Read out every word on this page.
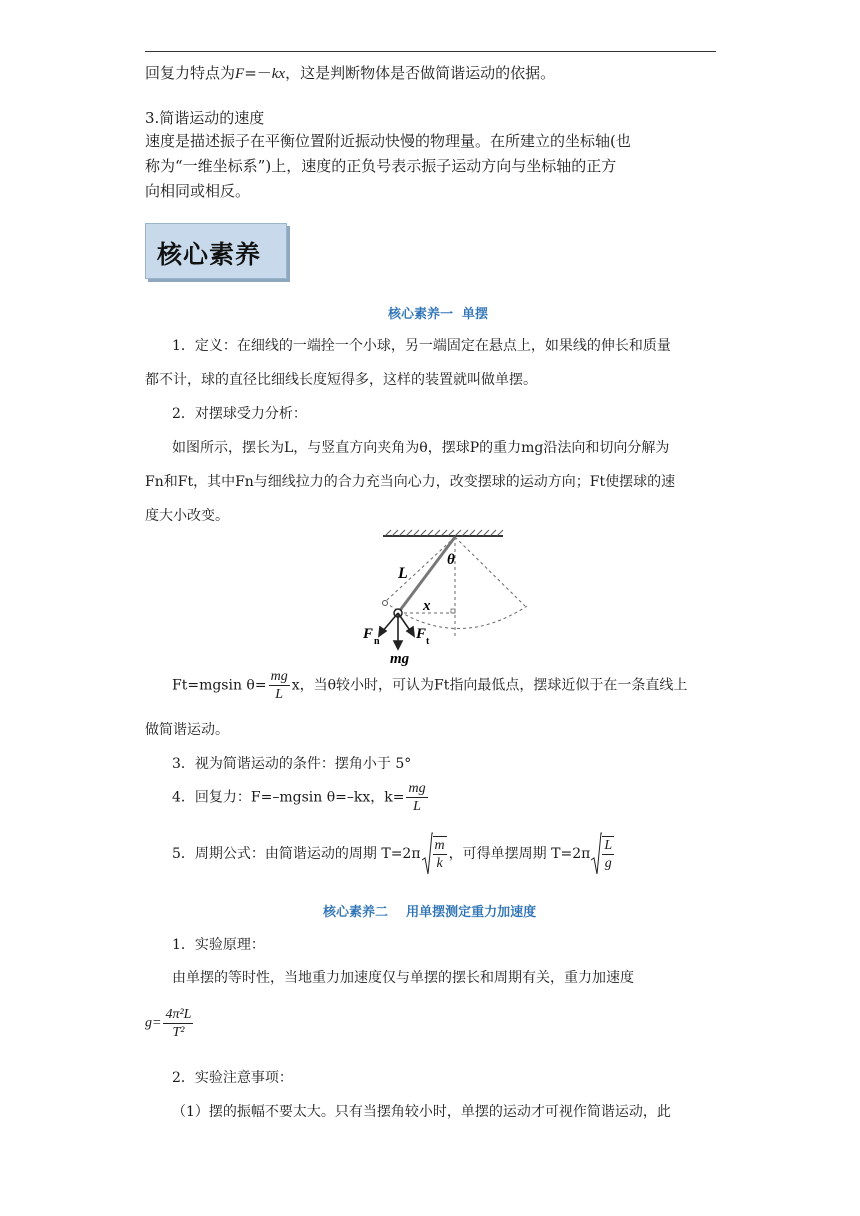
回复力特点为F=－kx，这是判断物体是否做简谐运动的依据。
3.简谐运动的速度
速度是描述振子在平衡位置附近振动快慢的物理量。在所建立的坐标轴(也
称为“一维坐标系”)上，速度的正负号表示振子运动方向与坐标轴的正方
向相同或相反。
核心素养
核心素养一  单摆
1．定义：在细线的一端拴一个小球，另一端固定在悬点上，如果线的伸长和质量
都不计，球的直径比细线长度短得多，这样的装置就叫做单摆。
2．对摆球受力分析：
如图所示，摆长为L，与竖直方向夹角为θ，摆球P的重力mg沿法向和切向分解为
Fn和Ft，其中Fn与细线拉力的合力充当向心力，改变摆球的运动方向；Ft使摆球的速
度大小改变。
θ
L
x
F n F t
mg
Ft=mgsin $\theta= \frac{mg}{L}$ x，当θ较小时，可认为Ft指向最低点，摆球近似于在一条直线上
做简谐运动。
3．视为简谐运动的条件：摆角小于 5°
4．回复力：F=–mgsin θ=–kx，$k= \frac{mg}{L}$
5．周期公式：由简谐运动的周期 $T=2\pi \frac{m}{k}$ ，可得单摆周期 $T=2\pi \frac{L}{g}$
核心素养二    用单摆测定重力加速度
1．实验原理：
由单摆的等时性，当地重力加速度仅与单摆的摆长和周期有关，重力加速度
$g= \frac{\text{4π²L}}{\text{T²}}$
2．实验注意事项：
（1）摆的振幅不要太大。只有当摆角较小时，单摆的运动才可视作简谐运动，此
